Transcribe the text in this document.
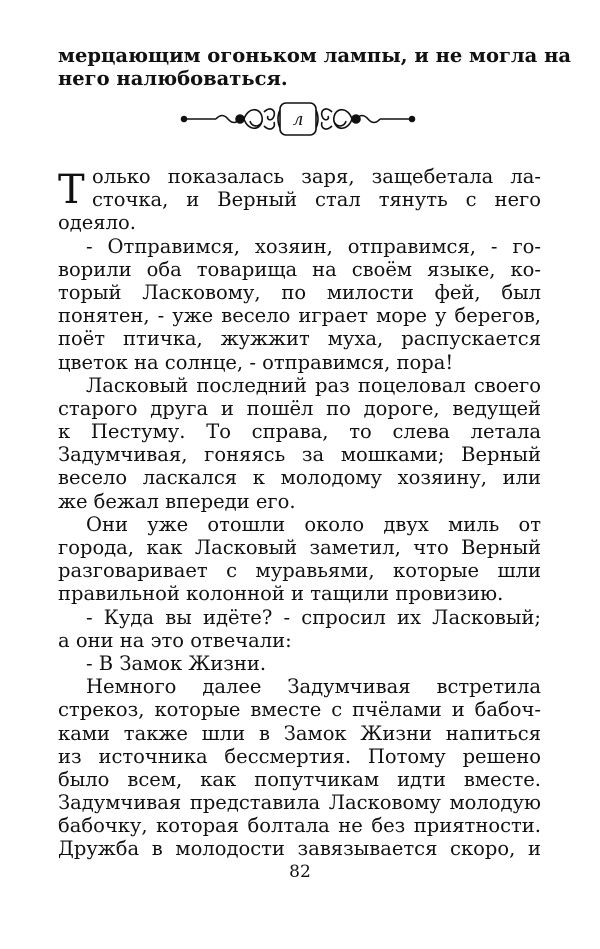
мерцающим огоньком лампы, и не могла на
него налюбоваться.
л
Т олько показалась заря, защебетала ла-
сточка, и Верный стал тянуть с него
одеяло.
- Отправимся, хозяин, отправимся, - го-
ворили оба товарища на своём языке, ко-
торый Ласковому, по милости фей, был
понятен, - уже весело играет море у берегов,
поёт птичка, жужжит муха, распускается
цветок на солнце, - отправимся, пора!
Ласковый последний раз поцеловал своего
старого друга и пошёл по дороге, ведущей
к Пестуму. То справа, то слева летала
Задумчивая, гоняясь за мошками; Верный
весело ласкался к молодому хозяину, или
же бежал впереди его.
Они уже отошли около двух миль от
города, как Ласковый заметил, что Верный
разговаривает с муравьями, которые шли
правильной колонной и тащили провизию.
- Куда вы идёте? - спросил их Ласковый;
а они на это отвечали:
- В Замок Жизни.
Немного далее Задумчивая встретила
стрекоз, которые вместе с пчёлами и бабоч-
ками также шли в Замок Жизни напиться
из источника бессмертия. Потому решено
было всем, как попутчикам идти вместе.
Задумчивая представила Ласковому молодую
бабочку, которая болтала не без приятности.
Дружба в молодости завязывается скоро, и
82
